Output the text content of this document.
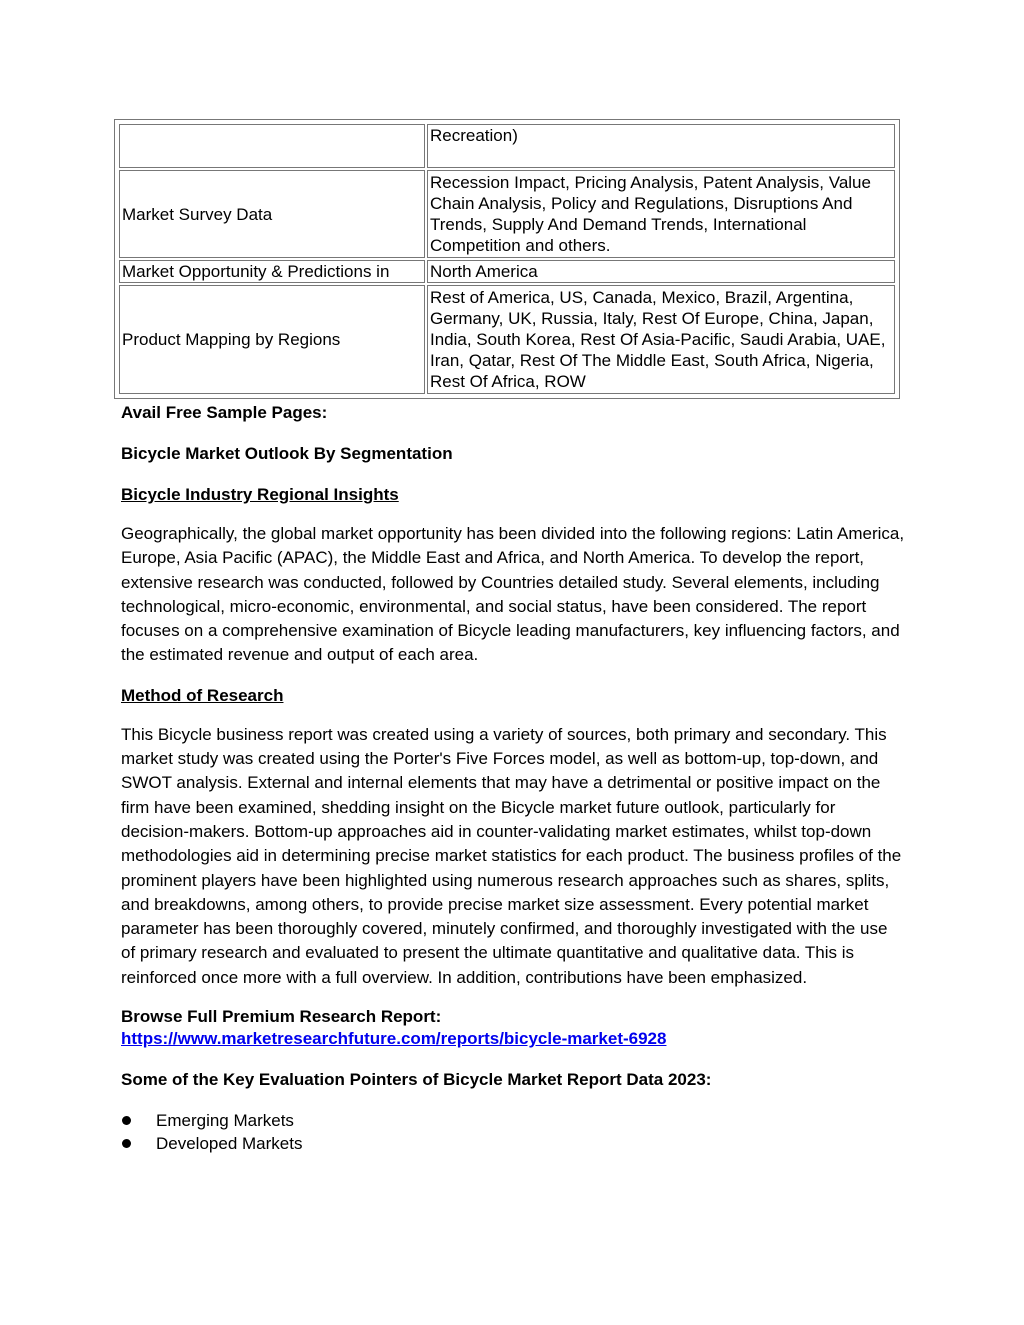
	Recreation)
Market Survey Data	Recession Impact, Pricing Analysis, Patent Analysis, Value Chain Analysis, Policy and Regulations, Disruptions And Trends, Supply And Demand Trends, International Competition and others.
Market Opportunity & Predictions in	North America
Product Mapping by Regions	Rest of America, US, Canada, Mexico, Brazil, Argentina, Germany, UK, Russia, Italy, Rest Of Europe, China, Japan, India, South Korea, Rest Of Asia-Pacific, Saudi Arabia, UAE, Iran, Qatar, Rest Of The Middle East, South Africa, Nigeria, Rest Of Africa, ROW

Avail Free Sample Pages:

Bicycle Market Outlook By Segmentation

Bicycle Industry Regional Insights

Geographically, the global market opportunity has been divided into the following regions: Latin America, Europe, Asia Pacific (APAC), the Middle East and Africa, and North America. To develop the report, extensive research was conducted, followed by Countries detailed study. Several elements, including technological, micro-economic, environmental, and social status, have been considered. The report focuses on a comprehensive examination of Bicycle leading manufacturers, key influencing factors, and the estimated revenue and output of each area.

Method of Research

This Bicycle business report was created using a variety of sources, both primary and secondary. This market study was created using the Porter's Five Forces model, as well as bottom-up, top-down, and SWOT analysis. External and internal elements that may have a detrimental or positive impact on the firm have been examined, shedding insight on the Bicycle market future outlook, particularly for decision-makers. Bottom-up approaches aid in counter-validating market estimates, whilst top-down methodologies aid in determining precise market statistics for each product. The business profiles of the prominent players have been highlighted using numerous research approaches such as shares, splits, and breakdowns, among others, to provide precise market size assessment. Every potential market parameter has been thoroughly covered, minutely confirmed, and thoroughly investigated with the use of primary research and evaluated to present the ultimate quantitative and qualitative data. This is reinforced once more with a full overview. In addition, contributions have been emphasized.

Browse Full Premium Research Report:

https://www.marketresearchfuture.com/reports/bicycle-market-6928

Some of the Key Evaluation Pointers of Bicycle Market Report Data 2023:

Emerging Markets
Developed Markets
